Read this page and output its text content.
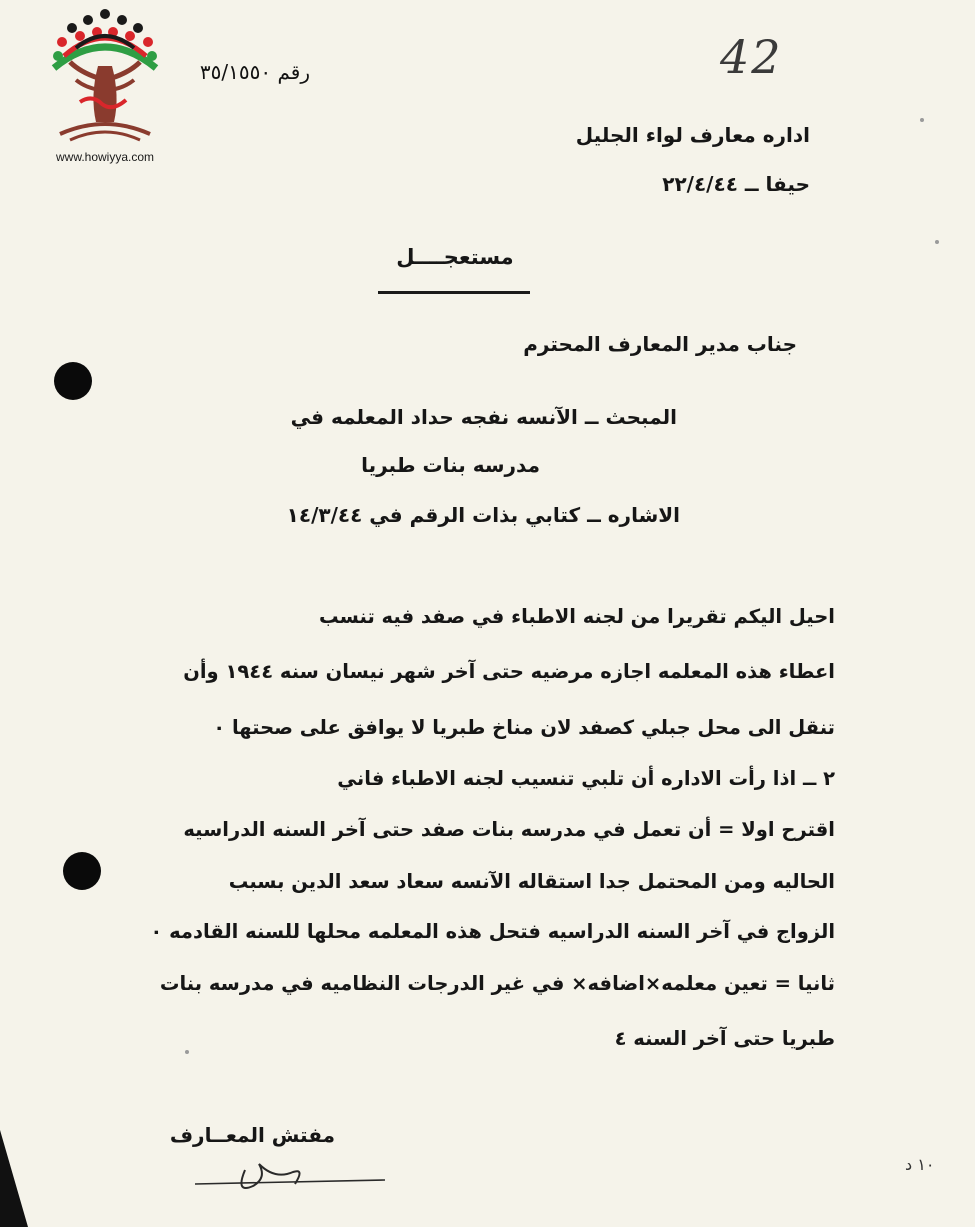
www.howiyya.com
42
رقم ٣٥/١٥٥٠
اداره معارف لواء الجليل
حيفا ــ ٢٢/٤/٤٤
مستعجــــل
جناب مدير المعارف المحترم
المبحث ــ الآنسه نفجه حداد المعلمه في
مدرسه بنات طبريا
الاشاره ــ كتابي بذات الرقم في ١٤/٣/٤٤
احيل اليكم تقريرا من لجنه الاطباء في صفد فيه تنسب
اعطاء هذه المعلمه اجازه مرضيه حتى آخر شهر نيسان سنه ١٩٤٤ وأن
تنقل الى محل جبلي كصفد لان مناخ طبريا لا يوافق على صحتها ٠
٢ ــ اذا رأت الاداره أن تلبي تنسيب لجنه الاطباء فاني
اقترح اولا = أن تعمل في مدرسه بنات صفد حتى آخر السنه الدراسيه
الحاليه ومن المحتمل جدا استقاله الآنسه سعاد سعد الدين بسبب
الزواج في آخر السنه الدراسيه فتحل هذه المعلمه محلها للسنه القادمه ٠
ثانيا = تعين معلمه×اضافه× في غير الدرجات النظاميه في مدرسه بنات
طبريا حتى آخر السنه ٤
مفتش المعــارف
١٠ د
